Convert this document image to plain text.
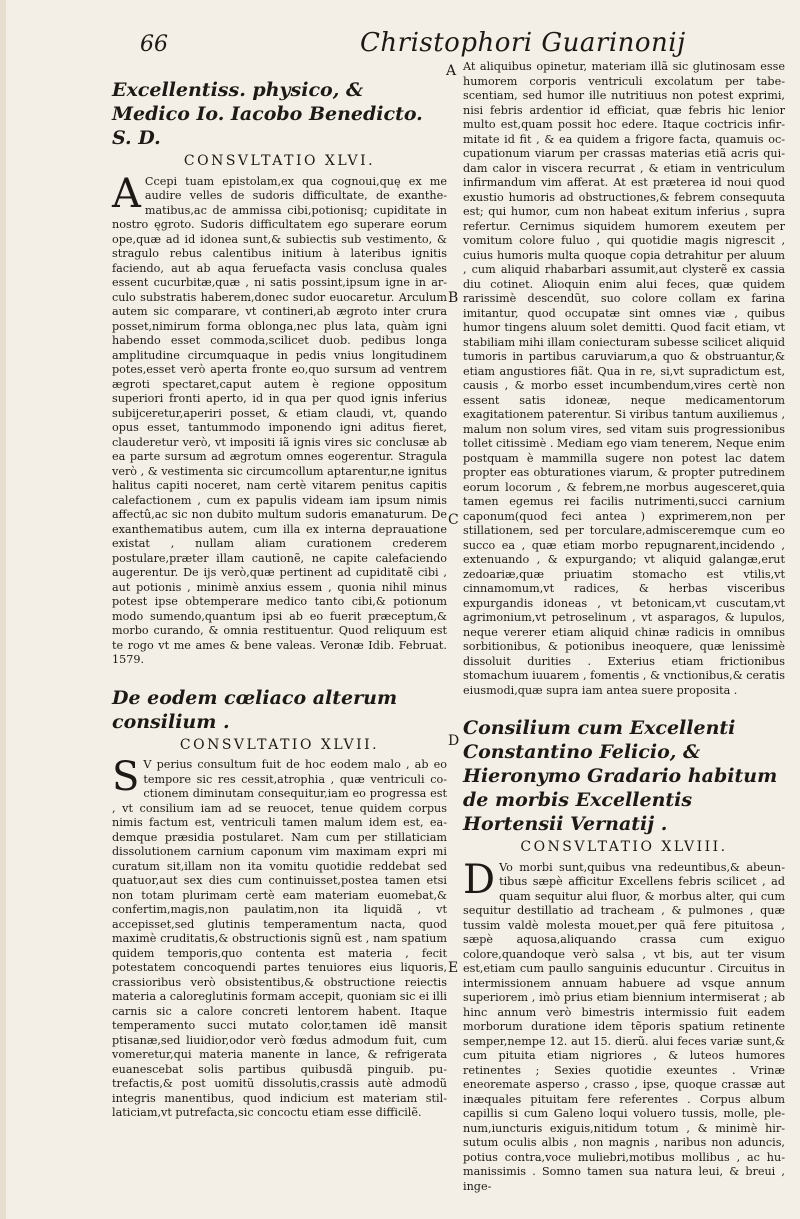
66	Christophori Guarinonij
A
B
C
D
E
Excellentiss. physico, & Medico Io. Iacobo Benedicto. S. D.
CONSVLTATIO XLVI.
A Ccepi tuam epistolam,ex qua cognoui,quę ex me audire velles de sudoris difficultate, de exanthematibus,ac de ammissa cibi,potionisq; cupiditate in nostro ęgroto. Sudoris difficultatem ego superare eorum ope,quæ ad id idonea sunt,& subiectis sub vestimento, & stragulo rebus calentibus initium à lateribus ignitis faciendo, aut ab aqua feruefacta vasis conclusa quales essent cucurbitæ,quæ , ni satis possint,ipsum igne in arculo substratis haberem,donec sudor euocaretur. Arculum autem sic comparare, vt contineri,ab ægroto inter crura posset,nimirum forma oblonga,nec plus lata, quàm igni habendo esset commoda,scilicet duob. pedibus longa amplitudine circumquaque in pedis vnius longitudinem potes,esset verò aperta fronte eo,quo sursum ad ventrem ægroti spectaret,caput autem è regione oppositum superiori fronti aperto, id in qua per quod ignis inferius subijceretur,aperiri posset, & etiam claudi, vt, quando opus esset, tantummodo imponendo igni aditus fieret, clauderetur verò, vt impositi iã ignis vires sic conclusæ ab ea parte sursum ad ægrotum omnes eogerentur. Stragula verò , & vestimenta sic circumcollum aptarentur,ne ignitus halitus capiti noceret, nam certè vitarem penitus capitis calefactionem , cum ex papulis videam iam ipsum nimis affectû,ac sic non dubito multum sudoris emanaturum. De exanthematibus autem, cum illa ex interna deprauatione existat , nullam aliam curationem crederem postulare,præter illam cautionẽ, ne capite calefaciendo augerentur. De ijs verò,quæ pertinent ad cupiditatẽ cibi , aut potionis , minimè anxius essem , quonia nihil minus potest ipse obtemperare medico tanto cibi,& potionum modo sumendo,quantum ipsi ab eo fuerit præceptum,& morbo curando, & omnia restituentur. Quod reliquum est te rogo vt me ames & bene valeas. Veronæ Idib. Februat. 1579.

De eodem cœliaco alterum consilium .
CONSVLTATIO XLVII.
S V perius consultum fuit de hoc eodem malo , ab eo tempore sic res cessit,atrophia , quæ ventriculi coctionem diminutam consequitur,iam eo progressa est , vt consilium iam ad se reuocet, tenue quidem corpus nimis factum est, ventriculi tamen malum idem est, eademque præsidia postularet. Nam cum per stillaticiam dissolutionem carnium caponum vim maximam expri mi curatum sit,illam non ita vomitu quotidie reddebat sed quatuor,aut sex dies cum continuisset,postea tamen etsi non totam plurimam certè eam materiam euomebat,& confertim,magis,non paulatim,non ita liquidã , vt accepisset,sed glutinis temperamentum nacta, quod maximè cruditatis,& obstructionis signũ est , nam spatium quidem temporis,quo contenta est materia , fecit potestatem concoquendi partes tenuiores eius liquoris, crassioribus verò obsistentibus,& obstructione reiectis materia a caloreglutinis formam accepit, quoniam sic ei illi carnis sic a calore concreti lentorem habent. Itaque temperamento succi mutato color,tamen idẽ mansit ptisanæ,sed liuidior,odor verò fœdus admodum fuit, cum vomeretur,qui materia manente in lance, & refrigerata euanescebat solis partibus quibusdã pinguib. putrefactis,& post uomitũ dissolutis,crassis autè admodũ integris manentibus, quod indicium est materiam stillaticiam,vt putrefacta,sic concoctu etiam esse difficilẽ.

At aliquibus opinetur, materiam illã sic glutinosam esse humorem corporis ventriculi excolatum per tabescentiam, sed humor ille nutritiuus non potest exprimi, nisi febris ardentior id efficiat, quæ febris hic lenior multo est,quam possit hoc edere. Itaque coctricis infirmitate id fit , & ea quidem a frigore facta, quamuis occupationum viarum per crassas materias etiã acris quidam calor in viscera recurrat , & etiam in ventriculum infirmandum vim afferat. At est præterea id noui quod exustio humoris ad obstructiones,& febrem consequuta est; qui humor, cum non habeat exitum inferius , supra refertur. Cernimus siquidem humorem exeutem per vomitum colore fuluo , qui quotidie magis nigrescit , cuius humoris multa quoque copia detrahitur per aluum , cum aliquid rhabarbari assumit,aut clysterẽ ex cassia diu cotinet. Alioquin enim alui feces, quæ quidem rarissimè descendũt, suo colore collam ex farina imitantur, quod occupatæ sint omnes viæ , quibus humor tingens aluum solet demitti. Quod facit etiam, vt stabiliam mihi illam coniecturam subesse scilicet aliquid tumoris in partibus caruviarum,a quo & obstruantur,& etiam angustiores fiãt. Qua in re, si,vt supradictum est, causis , & morbo esset incumbendum,vires certè non essent satis idoneæ, neque medicamentorum exagitationem paterentur. Si viribus tantum auxiliemus , malum non solum vires, sed vitam suis progressionibus tollet citissimè . Mediam ego viam tenerem, Neque enim postquam è mammilla sugere non potest lac datem propter eas obturationes viarum, & propter putredinem eorum locorum , & febrem,ne morbus augesceret,quia tamen egemus rei facilis nutrimenti,succi carnium caponum(quod feci antea ) exprimerem,non per stillationem, sed per torculare,admisceremque cum eo succo ea , quæ etiam morbo repugnarent,incidendo , extenuando , & expurgando; vt aliquid galangæ,erut zedoariæ,quæ priuatim stomacho est vtilis,vt cinnamomum,vt radices, & herbas visceribus expurgandis idoneas , vt betonicam,vt cuscutam,vt agrimonium,vt petroselinum , vt asparagos, & lupulos, neque vererer etiam aliquid chinæ radicis in omnibus sorbitionibus, & potionibus ineoquere, quæ lenissimè dissoluit durities . Exterius etiam frictionibus stomachum iuuarem , fomentis , & vnctionibus,& ceratis eiusmodi,quæ supra iam antea suere proposita .

Consilium cum Excellenti Constantino Felicio, & Hieronymo Gradario habitum de morbis Excellentis Hortensii Vernatij .
CONSVLTATIO XLVIII.
D Vo morbi sunt,quibus vna redeuntibus,& abeuntibus sæpè afficitur Excellens febris scilicet , ad quam sequitur alui fluor, & morbus alter, qui cum sequitur destillatio ad tracheam , & pulmones , quæ tussim valdè molesta mouet,per quã fere pituitosa , sæpè aquosa,aliquando crassa cum exiguo colore,quandoque verò salsa , vt bis, aut ter visum est,etiam cum paullo sanguinis educuntur . Circuitus in intermissionem annuam habuere ad vsque annum superiorem , imò prius etiam biennium intermiserat ; ab hinc annum verò bimestris intermissio fuit eadem morborum duratione idem tẽporis spatium retinente semper,nempe 12. aut 15. dierũ. alui feces variæ sunt,& cum pituita etiam nigriores , & luteos humores retinentes ; Sexies quotidie exeuntes . Vrinæ eneoremate asperso , crasso , ipse, quoque crassæ aut inæquales pituitam fere referentes . Corpus album capillis si cum Galeno loqui voluero tussis, molle, plenum,iuncturis exiguis,nitidum totum , & minimè hirsutum oculis albis , non magnis , naribus non aduncis, potius contra,voce muliebri,motibus mollibus , ac humanissimis . Somno tamen sua natura leui, & breui , inge-
